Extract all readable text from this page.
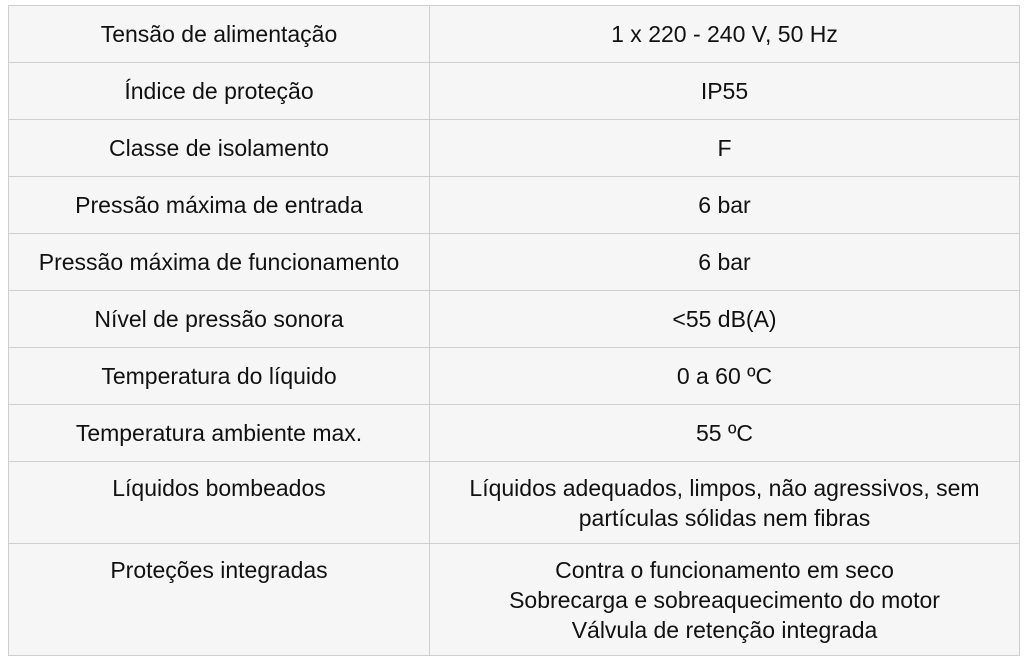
Tensão de alimentação	1 x 220 - 240 V, 50 Hz
Índice de proteção	IP55
Classe de isolamento	F
Pressão máxima de entrada	6 bar
Pressão máxima de funcionamento	6 bar
Nível de pressão sonora	<55 dB(A)
Temperatura do líquido	0 a 60 ºC
Temperatura ambiente max.	55 ºC
Líquidos bombeados	Líquidos adequados, limpos, não agressivos, sem
partículas sólidas nem fibras
Proteções integradas	Contra o funcionamento em seco
Sobrecarga e sobreaquecimento do motor
Válvula de retenção integrada
